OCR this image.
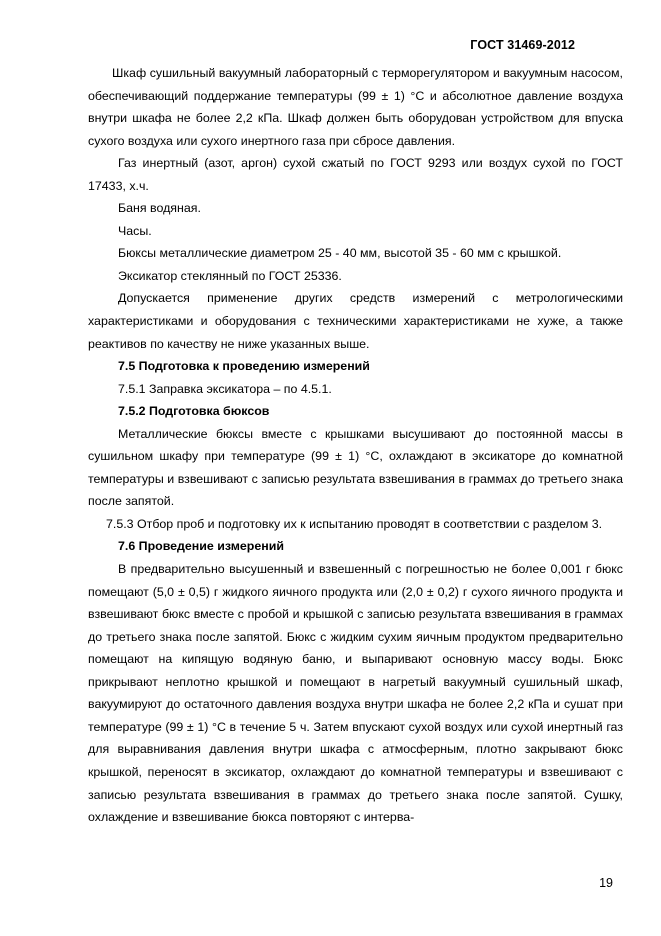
ГОСТ 31469-2012

Шкаф сушильный вакуумный лабораторный с терморегулятором и вакуумным насосом, обеспечивающий поддержание температуры (99 ± 1) °С и абсолютное давление воздуха внутри шкафа не более 2,2 кПа. Шкаф должен быть оборудован устройством для впуска сухого воздуха или сухого инертного газа при сбросе давления.

Газ инертный (азот, аргон) сухой сжатый по ГОСТ 9293 или воздух сухой по ГОСТ 17433, х.ч.

Баня водяная.

Часы.

Бюксы металлические диаметром 25 - 40 мм, высотой 35 - 60 мм с крышкой.

Эксикатор стеклянный по ГОСТ 25336.

Допускается применение других средств измерений с метрологическими характеристиками и оборудования с техническими характеристиками не хуже, а также реактивов по качеству не ниже указанных выше.

7.5 Подготовка к проведению измерений

7.5.1 Заправка эксикатора – по 4.5.1.

7.5.2 Подготовка бюксов

Металлические бюксы вместе с крышками высушивают до постоянной массы в сушильном шкафу при температуре (99 ± 1) °С, охлаждают в эксикаторе до комнатной температуры и взвешивают с записью результата взвешивания в граммах до третьего знака после запятой.

7.5.3 Отбор проб и подготовку их к испытанию проводят в соответствии с разделом 3.

7.6 Проведение измерений

В предварительно высушенный и взвешенный с погрешностью не более 0,001 г бюкс помещают (5,0 ± 0,5) г жидкого яичного продукта или (2,0 ± 0,2) г сухого яичного продукта и взвешивают бюкс вместе с пробой и крышкой с записью результата взвешивания в граммах до третьего знака после запятой. Бюкс с жидким сухим яичным продуктом предварительно помещают на кипящую водяную баню, и выпаривают основную массу воды. Бюкс прикрывают неплотно крышкой и помещают в нагретый вакуумный сушильный шкаф, вакуумируют до остаточного давления воздуха внутри шкафа не более 2,2 кПа и сушат при температуре (99 ± 1) °С в течение 5 ч. Затем впускают сухой воздух или сухой инертный газ для выравнивания давления внутри шкафа с атмосферным, плотно закрывают бюкс крышкой, переносят в эксикатор, охлаждают до комнатной температуры и взвешивают с записью результата взвешивания в граммах до третьего знака после запятой. Сушку, охлаждение и взвешивание бюкса повторяют с интерва-

19
